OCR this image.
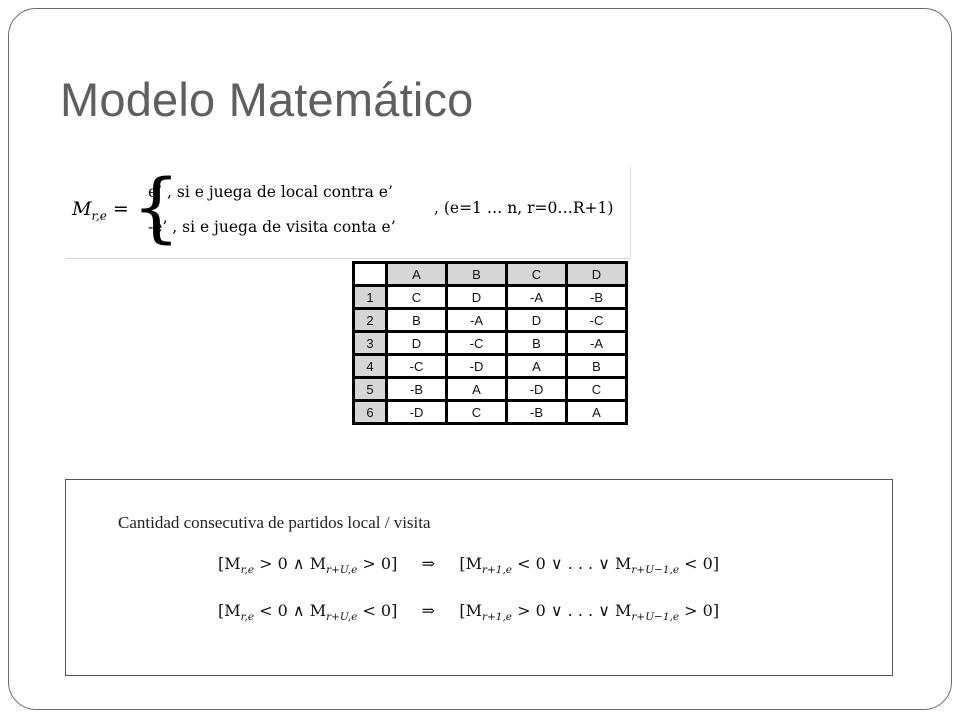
Modelo Matemático
$M_{r,e}$ = {
e’ , si e juega de local contra e’
-e’ , si e juega de visita conta e’
, (e=1 … n, r=0…R+1)
	A	B	C	D
1	C	D	-A	-B
2	B	-A	D	-C
3	D	-C	B	-A
4	-C	-D	A	B
5	-B	A	-D	C
6	-D	C	-B	A
Cantidad consecutiva de partidos local / visita
[$M_{r,e} > 0$ ∧ $M_{r+U,e} > 0$] ⇒ [$M_{r+1,e} < 0$ ∨ . . . ∨ $M_{r+U-1,e} < 0$]
[$M_{r,e} < 0$ ∧ $M_{r+U,e} < 0$] ⇒ [$M_{r+1,e} > 0$ ∨ . . . ∨ $M_{r+U-1,e} > 0$]
